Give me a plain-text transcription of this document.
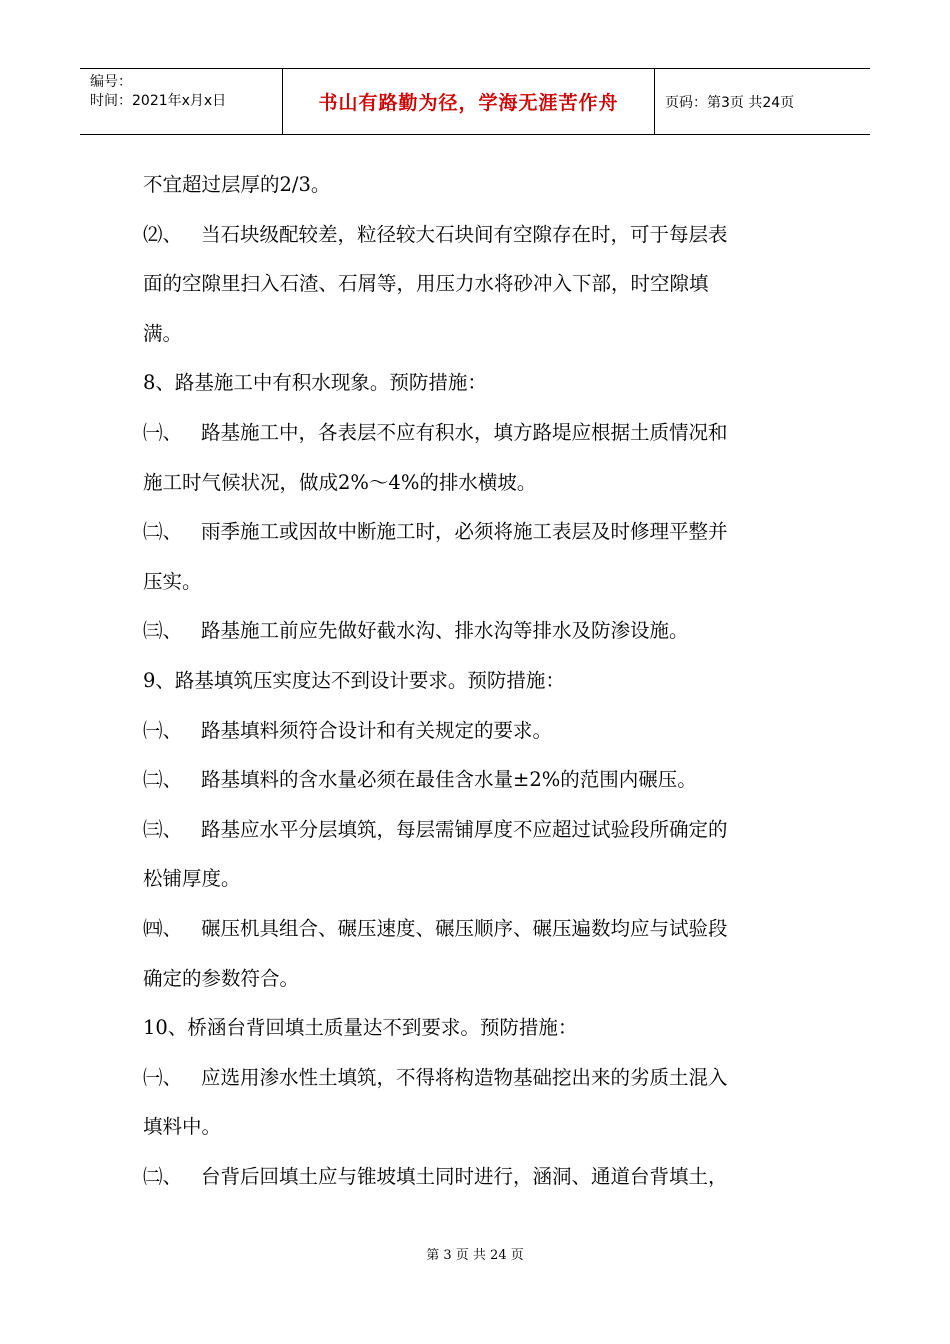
编号：
时间：2021年x月x日	书山有路勤为径，学海无涯苦作舟	页码：第3页 共24页
不宜超过层厚的2/3。
⑵、 当石块级配较差，粒径较大石块间有空隙存在时，可于每层表
面的空隙里扫入石渣、石屑等，用压力水将砂冲入下部，时空隙填
满。
8、路基施工中有积水现象。预防措施：
㈠、 路基施工中，各表层不应有积水，填方路堤应根据土质情况和
施工时气候状况，做成2%～4%的排水横坡。
㈡、 雨季施工或因故中断施工时，必须将施工表层及时修理平整并
压实。
㈢、 路基施工前应先做好截水沟、排水沟等排水及防渗设施。
9、路基填筑压实度达不到设计要求。预防措施：
㈠、 路基填料须符合设计和有关规定的要求。
㈡、 路基填料的含水量必须在最佳含水量±2%的范围内碾压。
㈢、 路基应水平分层填筑，每层需铺厚度不应超过试验段所确定的
松铺厚度。
㈣、 碾压机具组合、碾压速度、碾压顺序、碾压遍数均应与试验段
确定的参数符合。
10、桥涵台背回填土质量达不到要求。预防措施：
㈠、 应选用渗水性土填筑，不得将构造物基础挖出来的劣质土混入
填料中。
㈡、 台背后回填土应与锥坡填土同时进行，涵洞、通道台背填土，
第 3 页 共 24 页
